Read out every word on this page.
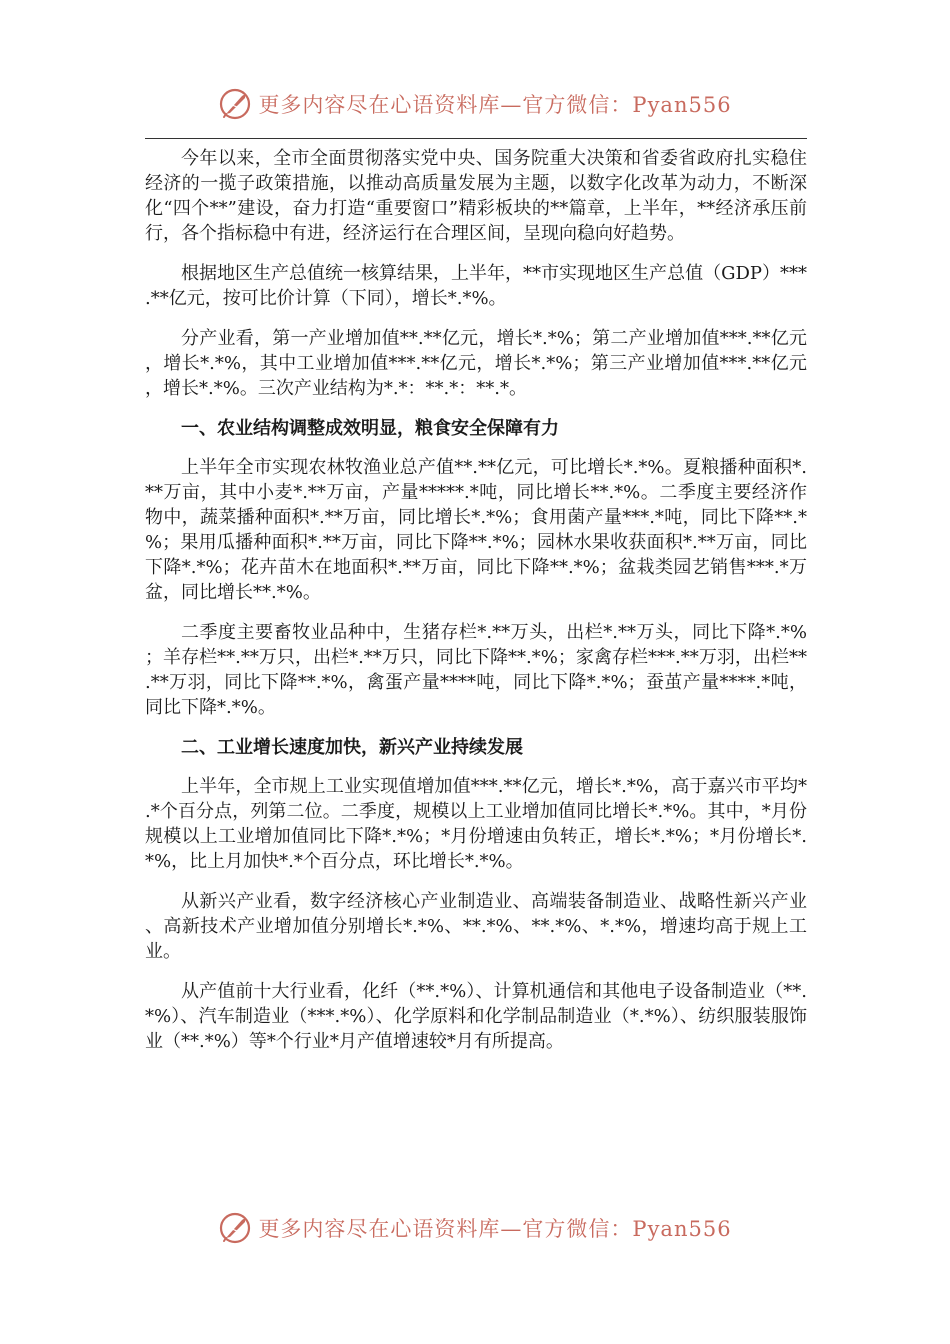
更多内容尽在心语资料库—官方微信：Pyan556

今年以来，全市全面贯彻落实党中央、国务院重大决策和省委省政府扎实稳住经济的一揽子政策措施，以推动高质量发展为主题，以数字化改革为动力，不断深化“四个**”建设，奋力打造“重要窗口”精彩板块的**篇章，上半年，**经济承压前行，各个指标稳中有进，经济运行在合理区间，呈现向稳向好趋势。

根据地区生产总值统一核算结果，上半年，**市实现地区生产总值（GDP）***.**亿元，按可比价计算（下同），增长*.*%。

分产业看，第一产业增加值**.**亿元，增长*.*%；第二产业增加值***.**亿元，增长*.*%，其中工业增加值***.**亿元，增长*.*%；第三产业增加值***.**亿元，增长*.*%。三次产业结构为*.*：**.*：**.*。

一、农业结构调整成效明显，粮食安全保障有力

上半年全市实现农林牧渔业总产值**.**亿元，可比增长*.*%。夏粮播种面积*.**万亩，其中小麦*.**万亩，产量*****.*吨，同比增长**.*%。二季度主要经济作物中，蔬菜播种面积*.**万亩，同比增长*.*%；食用菌产量***.*吨，同比下降**.*%；果用瓜播种面积*.**万亩，同比下降**.*%；园林水果收获面积*.**万亩，同比下降*.*%；花卉苗木在地面积*.**万亩，同比下降**.*%；盆栽类园艺销售***.*万盆，同比增长**.*%。

二季度主要畜牧业品种中，生猪存栏*.**万头，出栏*.**万头，同比下降*.*%；羊存栏**.**万只，出栏*.**万只，同比下降**.*%；家禽存栏***.**万羽，出栏**.**万羽，同比下降**.*%，禽蛋产量****吨，同比下降*.*%；蚕茧产量****.*吨，同比下降*.*%。

二、工业增长速度加快，新兴产业持续发展

上半年，全市规上工业实现值增加值***.**亿元，增长*.*%，高于嘉兴市平均*.*个百分点，列第二位。二季度，规模以上工业增加值同比增长*.*%。其中，*月份规模以上工业增加值同比下降*.*%；*月份增速由负转正，增长*.*%；*月份增长*.*%，比上月加快*.*个百分点，环比增长*.*%。

从新兴产业看，数字经济核心产业制造业、高端装备制造业、战略性新兴产业、高新技术产业增加值分别增长*.*%、**.*%、**.*%、*.*%，增速均高于规上工业。

从产值前十大行业看，化纤（**.*%）、计算机通信和其他电子设备制造业（**.*%）、汽车制造业（***.*%）、化学原料和化学制品制造业（*.*%）、纺织服装服饰业（**.*%）等*个行业*月产值增速较*月有所提高。

更多内容尽在心语资料库—官方微信：Pyan556
